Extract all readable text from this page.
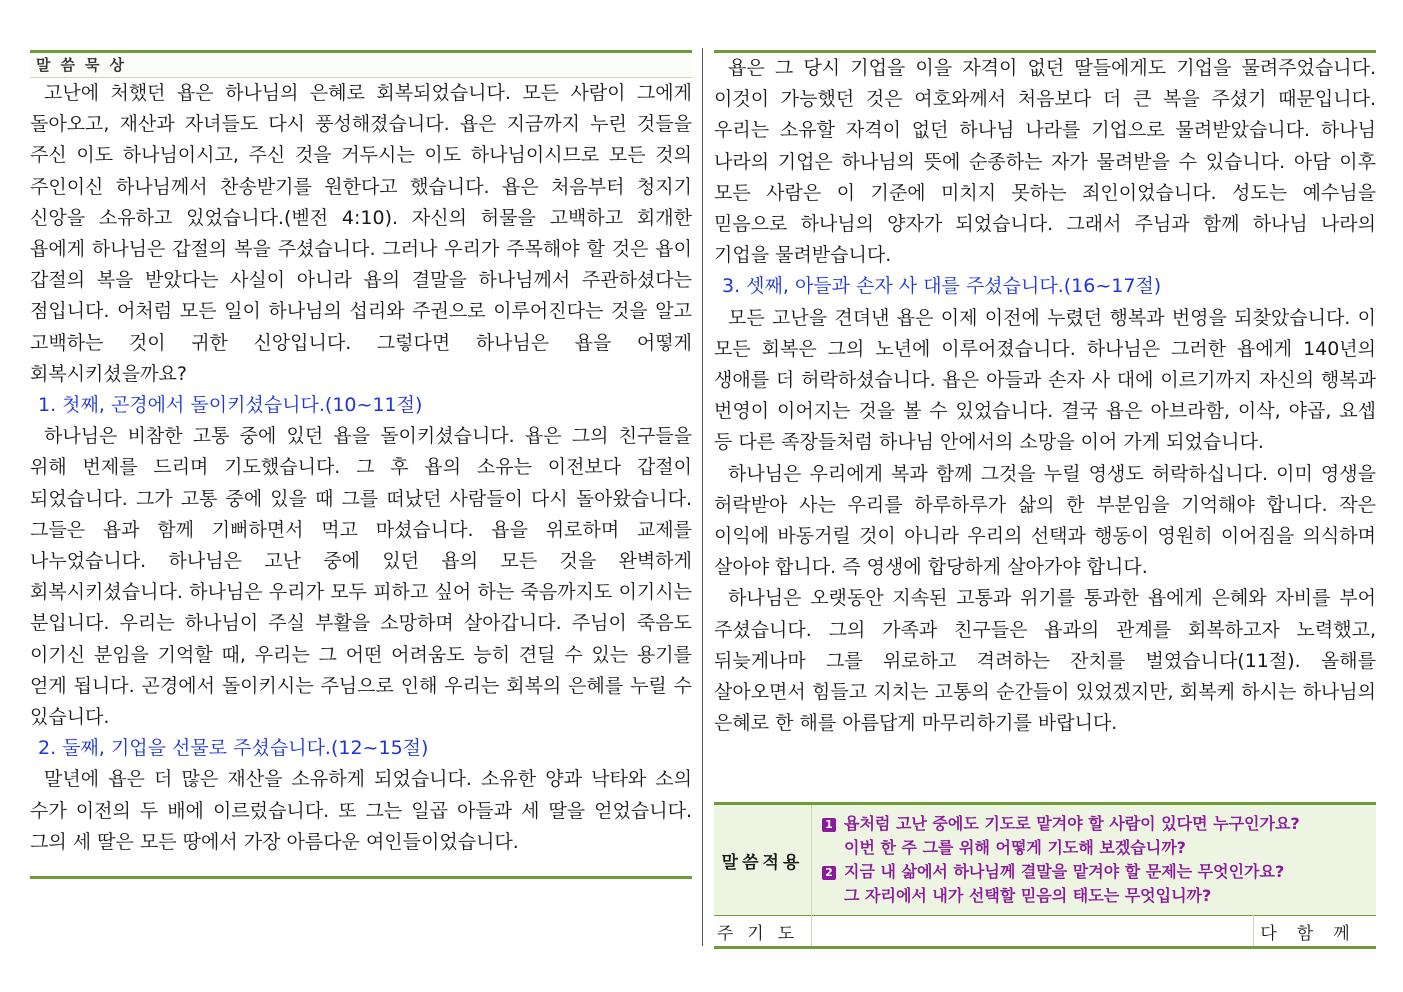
말씀묵상

고난에 처했던 욥은 하나님의 은혜로 회복되었습니다. 모든 사람이 그에게 돌아오고, 재산과 자녀들도 다시 풍성해졌습니다. 욥은 지금까지 누린 것들을 주신 이도 하나님이시고, 주신 것을 거두시는 이도 하나님이시므로 모든 것의 주인이신 하나님께서 찬송받기를 원한다고 했습니다. 욥은 처음부터 청지기 신앙을 소유하고 있었습니다.(벧전 4:10). 자신의 허물을 고백하고 회개한 욥에게 하나님은 갑절의 복을 주셨습니다. 그러나 우리가 주목해야 할 것은 욥이 갑절의 복을 받았다는 사실이 아니라 욥의 결말을 하나님께서 주관하셨다는 점입니다. 어처럼 모든 일이 하나님의 섭리와 주권으로 이루어진다는 것을 알고 고백하는 것이 귀한 신앙입니다. 그렇다면 하나님은 욥을 어떻게 회복시키셨을까요?

1. 첫째, 곤경에서 돌이키셨습니다.(10~11절)

하나님은 비참한 고통 중에 있던 욥을 돌이키셨습니다. 욥은 그의 친구들을 위해 번제를 드리며 기도했습니다. 그 후 욥의 소유는 이전보다 갑절이 되었습니다. 그가 고통 중에 있을 때 그를 떠났던 사람들이 다시 돌아왔습니다. 그들은 욥과 함께 기뻐하면서 먹고 마셨습니다. 욥을 위로하며 교제를 나누었습니다. 하나님은 고난 중에 있던 욥의 모든 것을 완벽하게 회복시키셨습니다. 하나님은 우리가 모두 피하고 싶어 하는 죽음까지도 이기시는 분입니다. 우리는 하나님이 주실 부활을 소망하며 살아갑니다. 주님이 죽음도 이기신 분임을 기억할 때, 우리는 그 어떤 어려움도 능히 견딜 수 있는 용기를 얻게 됩니다. 곤경에서 돌이키시는 주님으로 인해 우리는 회복의 은혜를 누릴 수 있습니다.

2. 둘째, 기업을 선물로 주셨습니다.(12~15절)

말년에 욥은 더 많은 재산을 소유하게 되었습니다. 소유한 양과 낙타와 소의 수가 이전의 두 배에 이르렀습니다. 또 그는 일곱 아들과 세 딸을 얻었습니다. 그의 세 딸은 모든 땅에서 가장 아름다운 여인들이었습니다.

욥은 그 당시 기업을 이을 자격이 없던 딸들에게도 기업을 물려주었습니다. 이것이 가능했던 것은 여호와께서 처음보다 더 큰 복을 주셨기 때문입니다. 우리는 소유할 자격이 없던 하나님 나라를 기업으로 물려받았습니다. 하나님 나라의 기업은 하나님의 뜻에 순종하는 자가 물려받을 수 있습니다. 아담 이후 모든 사람은 이 기준에 미치지 못하는 죄인이었습니다. 성도는 예수님을 믿음으로 하나님의 양자가 되었습니다. 그래서 주님과 함께 하나님 나라의 기업을 물려받습니다.

3. 셋째, 아들과 손자 사 대를 주셨습니다.(16~17절)

모든 고난을 견뎌낸 욥은 이제 이전에 누렸던 행복과 번영을 되찾았습니다. 이 모든 회복은 그의 노년에 이루어졌습니다. 하나님은 그러한 욥에게 140년의 생애를 더 허락하셨습니다. 욥은 아들과 손자 사 대에 이르기까지 자신의 행복과 번영이 이어지는 것을 볼 수 있었습니다. 결국 욥은 아브라함, 이삭, 야곱, 요셉 등 다른 족장들처럼 하나님 안에서의 소망을 이어 가게 되었습니다.

하나님은 우리에게 복과 함께 그것을 누릴 영생도 허락하십니다. 이미 영생을 허락받아 사는 우리를 하루하루가 삶의 한 부분임을 기억해야 합니다. 작은 이익에 바동거릴 것이 아니라 우리의 선택과 행동이 영원히 이어짐을 의식하며 살아야 합니다. 즉 영생에 합당하게 살아가야 합니다.

하나님은 오랫동안 지속된 고통과 위기를 통과한 욥에게 은혜와 자비를 부어 주셨습니다. 그의 가족과 친구들은 욥과의 관계를 회복하고자 노력했고, 뒤늦게나마 그를 위로하고 격려하는 잔치를 벌였습니다(11절). 올해를 살아오면서 힘들고 지치는 고통의 순간들이 있었겠지만, 회복케 하시는 하나님의 은혜로 한 해를 아름답게 마무리하기를 바랍니다.

말씀적용	1 욥처럼 고난 중에도 기도로 맡겨야 할 사람이 있다면 누구인가요?
이번 한 주 그를 위해 어떻게 기도해 보겠습니까?
2 지금 내 삶에서 하나님께 결말을 맡겨야 할 문제는 무엇인가요?
그 자리에서 내가 선택할 믿음의 태도는 무엇입니까?	

주기도		다함께
